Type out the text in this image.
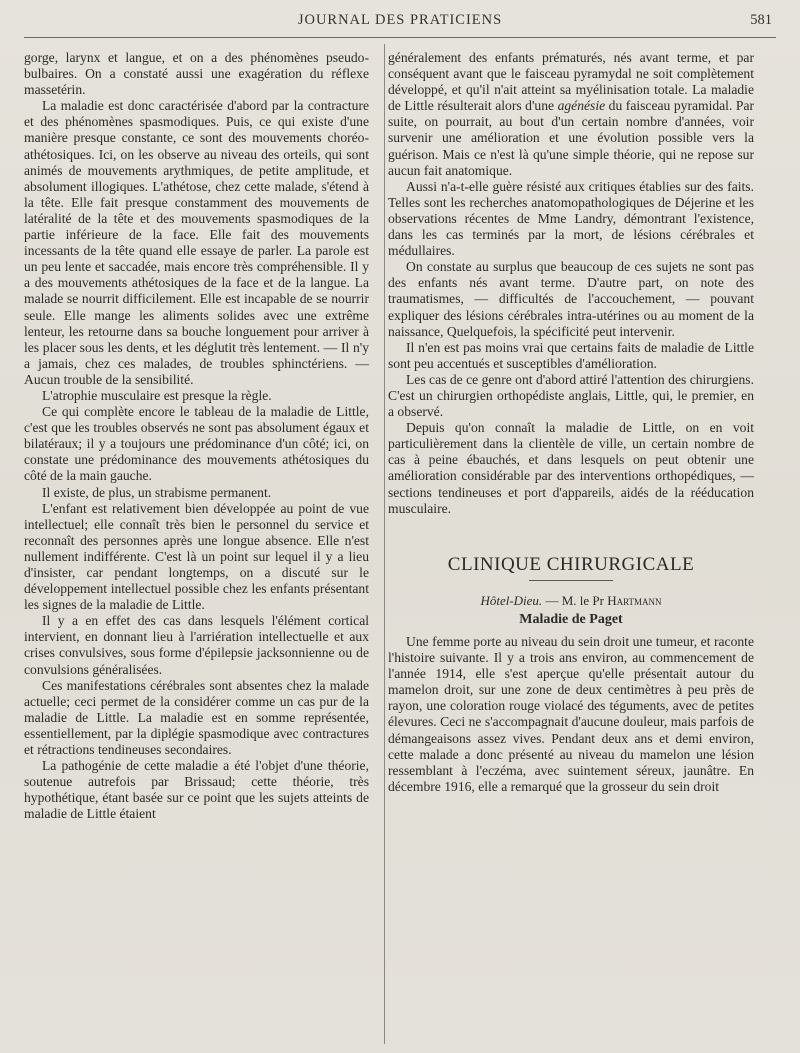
JOURNAL DES PRATICIENS	581

gorge, larynx et langue, et on a des phénomènes pseudo-bulbaires. On a constaté aussi une exagération du réflexe massetérin.

La maladie est donc caractérisée d'abord par la contracture et des phénomènes spasmodiques. Puis, ce qui existe d'une manière presque constante, ce sont des mouvements choréo-athétosiques. Ici, on les observe au niveau des orteils, qui sont animés de mouvements arythmiques, de petite amplitude, et absolument illogiques. L'athétose, chez cette malade, s'étend à la tête. Elle fait presque constamment des mouvements de latéralité de la tête et des mouvements spasmodiques de la partie inférieure de la face. Elle fait des mouvements incessants de la tête quand elle essaye de parler. La parole est un peu lente et saccadée, mais encore très compréhensible. Il y a des mouvements athétosiques de la face et de la langue. La malade se nourrit difficilement. Elle est incapable de se nourrir seule. Elle mange les aliments solides avec une extrême lenteur, les retourne dans sa bouche longuement pour arriver à les placer sous les dents, et les déglutit très lentement. — Il n'y a jamais, chez ces malades, de troubles sphinctériens. — Aucun trouble de la sensibilité.

L'atrophie musculaire est presque la règle.

Ce qui complète encore le tableau de la maladie de Little, c'est que les troubles observés ne sont pas absolument égaux et bilatéraux; il y a toujours une prédominance d'un côté; ici, on constate une prédominance des mouvements athétosiques du côté de la main gauche.

Il existe, de plus, un strabisme permanent.

L'enfant est relativement bien développée au point de vue intellectuel; elle connaît très bien le personnel du service et reconnaît des personnes après une longue absence. Elle n'est nullement indifférente. C'est là un point sur lequel il y a lieu d'insister, car pendant longtemps, on a discuté sur le développement intellectuel possible chez les enfants présentant les signes de la maladie de Little.

Il y a en effet des cas dans lesquels l'élément cortical intervient, en donnant lieu à l'arriération intellectuelle et aux crises convulsives, sous forme d'épilepsie jacksonnienne ou de convulsions généralisées.

Ces manifestations cérébrales sont absentes chez la malade actuelle; ceci permet de la considérer comme un cas pur de la maladie de Little. La maladie est en somme représentée, essentiellement, par la diplégie spasmodique avec contractures et rétractions tendineuses secondaires.

La pathogénie de cette maladie a été l'objet d'une théorie, soutenue autrefois par Brissaud; cette théorie, très hypothétique, étant basée sur ce point que les sujets atteints de maladie de Little étaient

généralement des enfants prématurés, nés avant terme, et par conséquent avant que le faisceau pyramydal ne soit complètement développé, et qu'il n'ait atteint sa myélinisation totale. La maladie de Little résulterait alors d'une agénésie du faisceau pyramidal. Par suite, on pourrait, au bout d'un certain nombre d'années, voir survenir une amélioration et une évolution possible vers la guérison. Mais ce n'est là qu'une simple théorie, qui ne repose sur aucun fait anatomique.

Aussi n'a-t-elle guère résisté aux critiques établies sur des faits. Telles sont les recherches anatomopathologiques de Déjerine et les observations récentes de Mme Landry, démontrant l'existence, dans les cas terminés par la mort, de lésions cérébrales et médullaires.

On constate au surplus que beaucoup de ces sujets ne sont pas des enfants nés avant terme. D'autre part, on note des traumatismes, — difficultés de l'accouchement, — pouvant expliquer des lésions cérébrales intra-utérines ou au moment de la naissance, Quelquefois, la spécificité peut intervenir.

Il n'en est pas moins vrai que certains faits de maladie de Little sont peu accentués et susceptibles d'amélioration.

Les cas de ce genre ont d'abord attiré l'attention des chirurgiens. C'est un chirurgien orthopédiste anglais, Little, qui, le premier, en a observé.

Depuis qu'on connaît la maladie de Little, on en voit particulièrement dans la clientèle de ville, un certain nombre de cas à peine ébauchés, et dans lesquels on peut obtenir une amélioration considérable par des interventions orthopédiques, — sections tendineuses et port d'appareils, aidés de la rééducation musculaire.

CLINIQUE CHIRURGICALE
Hôtel-Dieu. — M. le Pr Hartmann
Maladie de Paget

Une femme porte au niveau du sein droit une tumeur, et raconte l'histoire suivante. Il y a trois ans environ, au commencement de l'année 1914, elle s'est aperçue qu'elle présentait autour du mamelon droit, sur une zone de deux centimètres à peu près de rayon, une coloration rouge violacé des téguments, avec de petites élevures. Ceci ne s'accompagnait d'aucune douleur, mais parfois de démangeaisons assez vives. Pendant deux ans et demi environ, cette malade a donc présenté au niveau du mamelon une lésion ressemblant à l'eczéma, avec suintement séreux, jaunâtre. En décembre 1916, elle a remarqué que la grosseur du sein droit
